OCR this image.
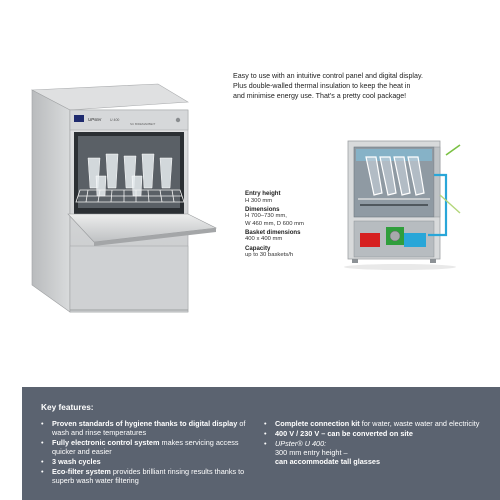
UPster U 400
SC BIDEMARBEIT
Easy to use with an intuitive control panel and digital display.
Plus double-walled thermal insulation to keep the heat in
and minimise energy use. That's a pretty cool package!
Entry height
H 300 mm
Dimensions
H 700–730 mm,
W 460 mm, D 600 mm
Basket dimensions
400 x 400 mm
Capacity
up to 30 baskets/h
Key features:
• Proven standards of hygiene thanks to digital display of wash and rinse temperatures
• Fully electronic control system makes servicing access quicker and easier
• 3 wash cycles
• Eco-filter system provides brilliant rinsing results thanks to superb wash water filtering
• Complete connection kit for water, waste water and electricity
• 400 V / 230 V – can be converted on site
• UPster® U 400:
300 mm entry height –
can accommodate tall glasses
